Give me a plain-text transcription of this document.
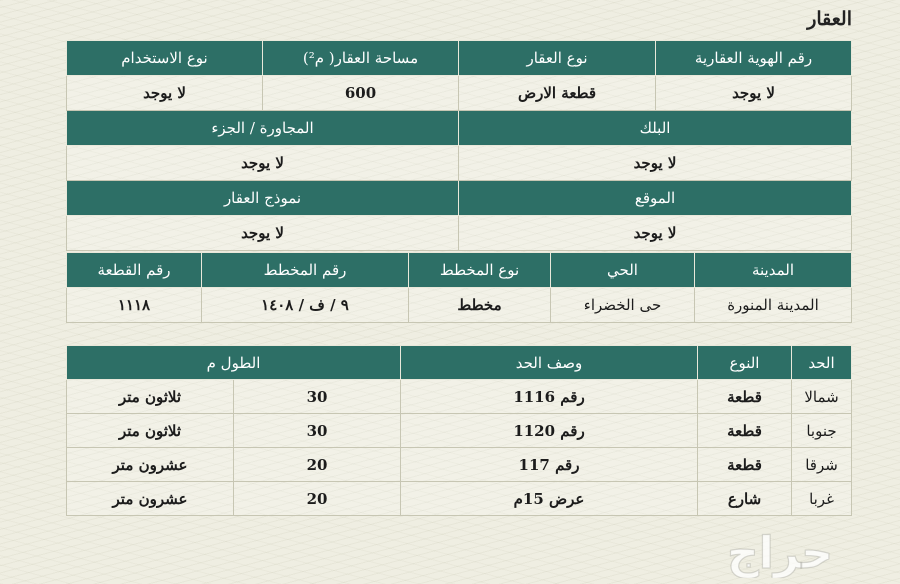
العقار
رقم الهوية العقارية	نوع العقار	مساحة العقار( م²)	نوع الاستخدام
لا يوجد	قطعة الارض	600	لا يوجد
البلك		المجاورة / الجزء	
لا يوجد		لا يوجد	
الموقع		نموذج العقار	
لا يوجد		لا يوجد	
المدينة	الحي	نوع المخطط	رقم المخطط	رقم القطعة
المدينة المنورة	حى الخضراء	مخطط	٩ / ف / ١٤٠٨	١١١٨
الحد	النوع	وصف الحد	الطول م	
شمالا	قطعة	رقم 1116	30	ثلاثون متر
جنوبا	قطعة	رقم 1120	30	ثلاثون متر
شرقا	قطعة	رقم 117	20	عشرون متر
غربا	شارع	عرض 15م	20	عشرون متر
حراج
